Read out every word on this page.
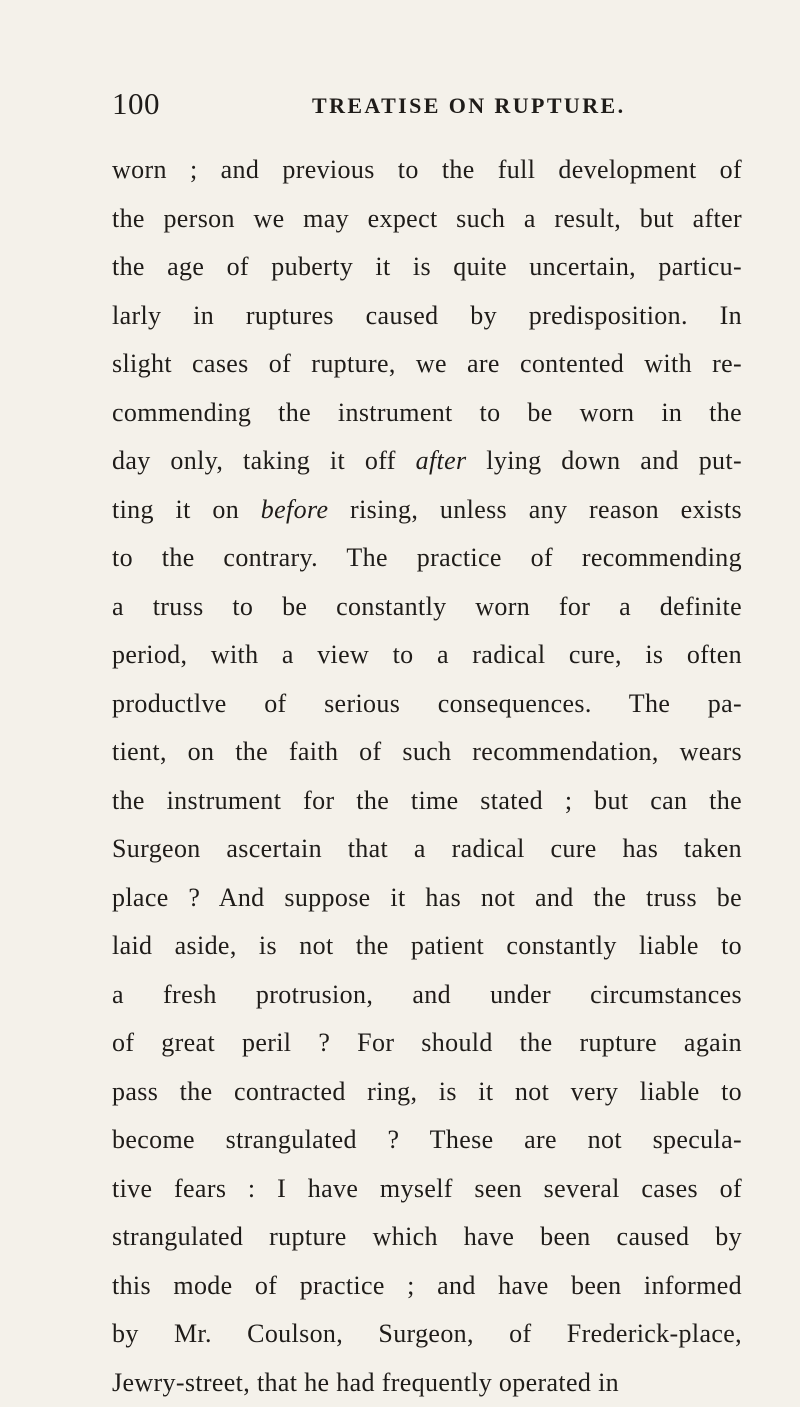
100	TREATISE ON RUPTURE.
worn ; and previous to the full development of
the person we may expect such a result, but after
the age of puberty it is quite uncertain, particu-
larly in ruptures caused by predisposition. In
slight cases of rupture, we are contented with re-
commending the instrument to be worn in the
day only, taking it off after lying down and put-
ting it on before rising, unless any reason exists
to the contrary. The practice of recommending
a truss to be constantly worn for a definite
period, with a view to a radical cure, is often
productlve of serious consequences. The pa-
tient, on the faith of such recommendation, wears
the instrument for the time stated ; but can the
Surgeon ascertain that a radical cure has taken
place ? And suppose it has not and the truss be
laid aside, is not the patient constantly liable to
a fresh protrusion, and under circumstances
of great peril ? For should the rupture again
pass the contracted ring, is it not very liable to
become strangulated ? These are not specula-
tive fears : I have myself seen several cases of
strangulated rupture which have been caused by
this mode of practice ; and have been informed
by Mr. Coulson, Surgeon, of Frederick-place,
Jewry-street, that he had frequently operated in
